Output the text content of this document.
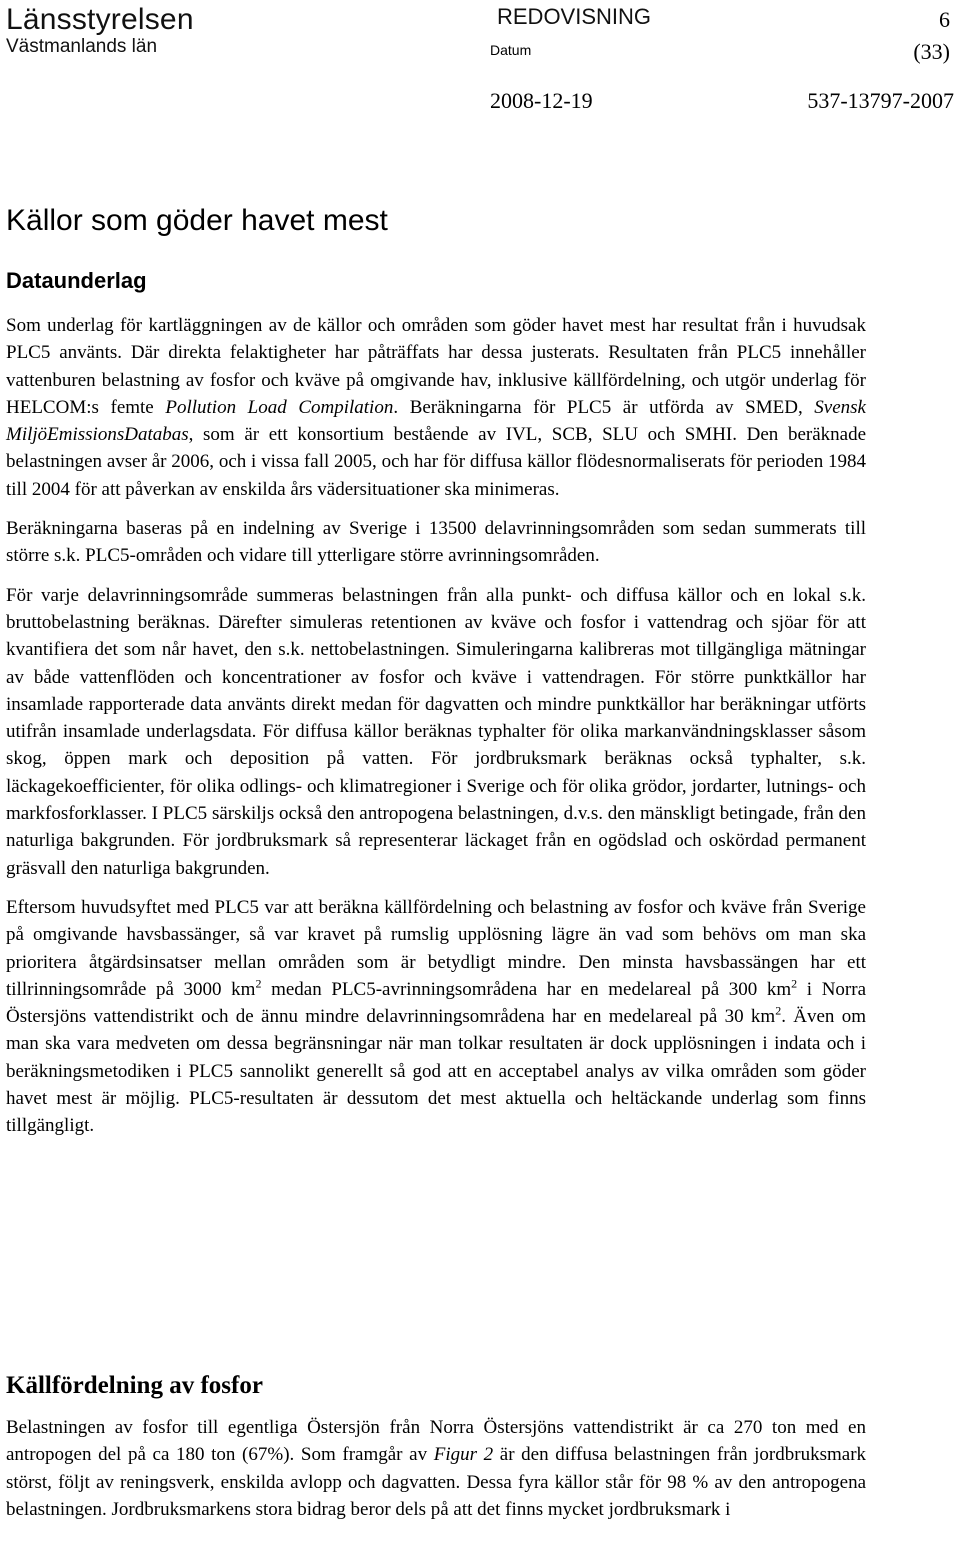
Länsstyrelsen
Västmanlands län
REDOVISNING	6
(33)
Datum
2008-12-19	537-13797-2007
Källor som göder havet mest
Dataunderlag

Som underlag för kartläggningen av de källor och områden som göder havet mest har resultat från i huvudsak PLC5 använts. Där direkta felaktigheter har påträffats har dessa justerats. Resultaten från PLC5 innehåller vattenburen belastning av fosfor och kväve på omgivande hav, inklusive källfördelning, och utgör underlag för HELCOM:s femte Pollution Load Compilation. Beräkningarna för PLC5 är utförda av SMED, Svensk MiljöEmissionsDatabas, som är ett konsortium bestående av IVL, SCB, SLU och SMHI. Den beräknade belastningen avser år 2006, och i vissa fall 2005, och har för diffusa källor flödesnormaliserats för perioden 1984 till 2004 för att påverkan av enskilda års vädersituationer ska minimeras.

Beräkningarna baseras på en indelning av Sverige i 13500 delavrinningsområden som sedan summerats till större s.k. PLC5-områden och vidare till ytterligare större avrinningsområden.

För varje delavrinningsområde summeras belastningen från alla punkt- och diffusa källor och en lokal s.k. bruttobelastning beräknas. Därefter simuleras retentionen av kväve och fosfor i vattendrag och sjöar för att kvantifiera det som når havet, den s.k. nettobelastningen. Simuleringarna kalibreras mot tillgängliga mätningar av både vattenflöden och koncentrationer av fosfor och kväve i vattendragen. För större punktkällor har insamlade rapporterade data använts direkt medan för dagvatten och mindre punktkällor har beräkningar utförts utifrån insamlade underlagsdata. För diffusa källor beräknas typhalter för olika markanvändningsklasser såsom skog, öppen mark och deposition på vatten. För jordbruksmark beräknas också typhalter, s.k. läckagekoefficienter, för olika odlings- och klimatregioner i Sverige och för olika grödor, jordarter, lutnings- och markfosforklasser. I PLC5 särskiljs också den antropogena belastningen, d.v.s. den mänskligt betingade, från den naturliga bakgrunden. För jordbruksmark så representerar läckaget från en ogödslad och oskördad permanent gräsvall den naturliga bakgrunden.

Eftersom huvudsyftet med PLC5 var att beräkna källfördelning och belastning av fosfor och kväve från Sverige på omgivande havsbassänger, så var kravet på rumslig upplösning lägre än vad som behövs om man ska prioritera åtgärdsinsatser mellan områden som är betydligt mindre. Den minsta havsbassängen har ett tillrinningsområde på 3000 $km^2$ medan PLC5-avrinningsområdena har en medelareal på 300 $km^2$ i Norra Östersjöns vattendistrikt och de ännu mindre delavrinningsområdena har en medelareal på 30 $km^2$. Även om man ska vara medveten om dessa begränsningar när man tolkar resultaten är dock upplösningen i indata och i beräkningsmetodiken i PLC5 sannolikt generellt så god att en acceptabel analys av vilka områden som göder havet mest är möjlig. PLC5-resultaten är dessutom det mest aktuella och heltäckande underlag som finns tillgängligt.

Källfördelning av fosfor

Belastningen av fosfor till egentliga Östersjön från Norra Östersjöns vattendistrikt är ca 270 ton med en antropogen del på ca 180 ton (67%). Som framgår av Figur 2 är den diffusa belastningen från jordbruksmark störst, följt av reningsverk, enskilda avlopp och dagvatten. Dessa fyra källor står för 98 % av den antropogena belastningen. Jordbruksmarkens stora bidrag beror dels på att det finns mycket jordbruksmark i
